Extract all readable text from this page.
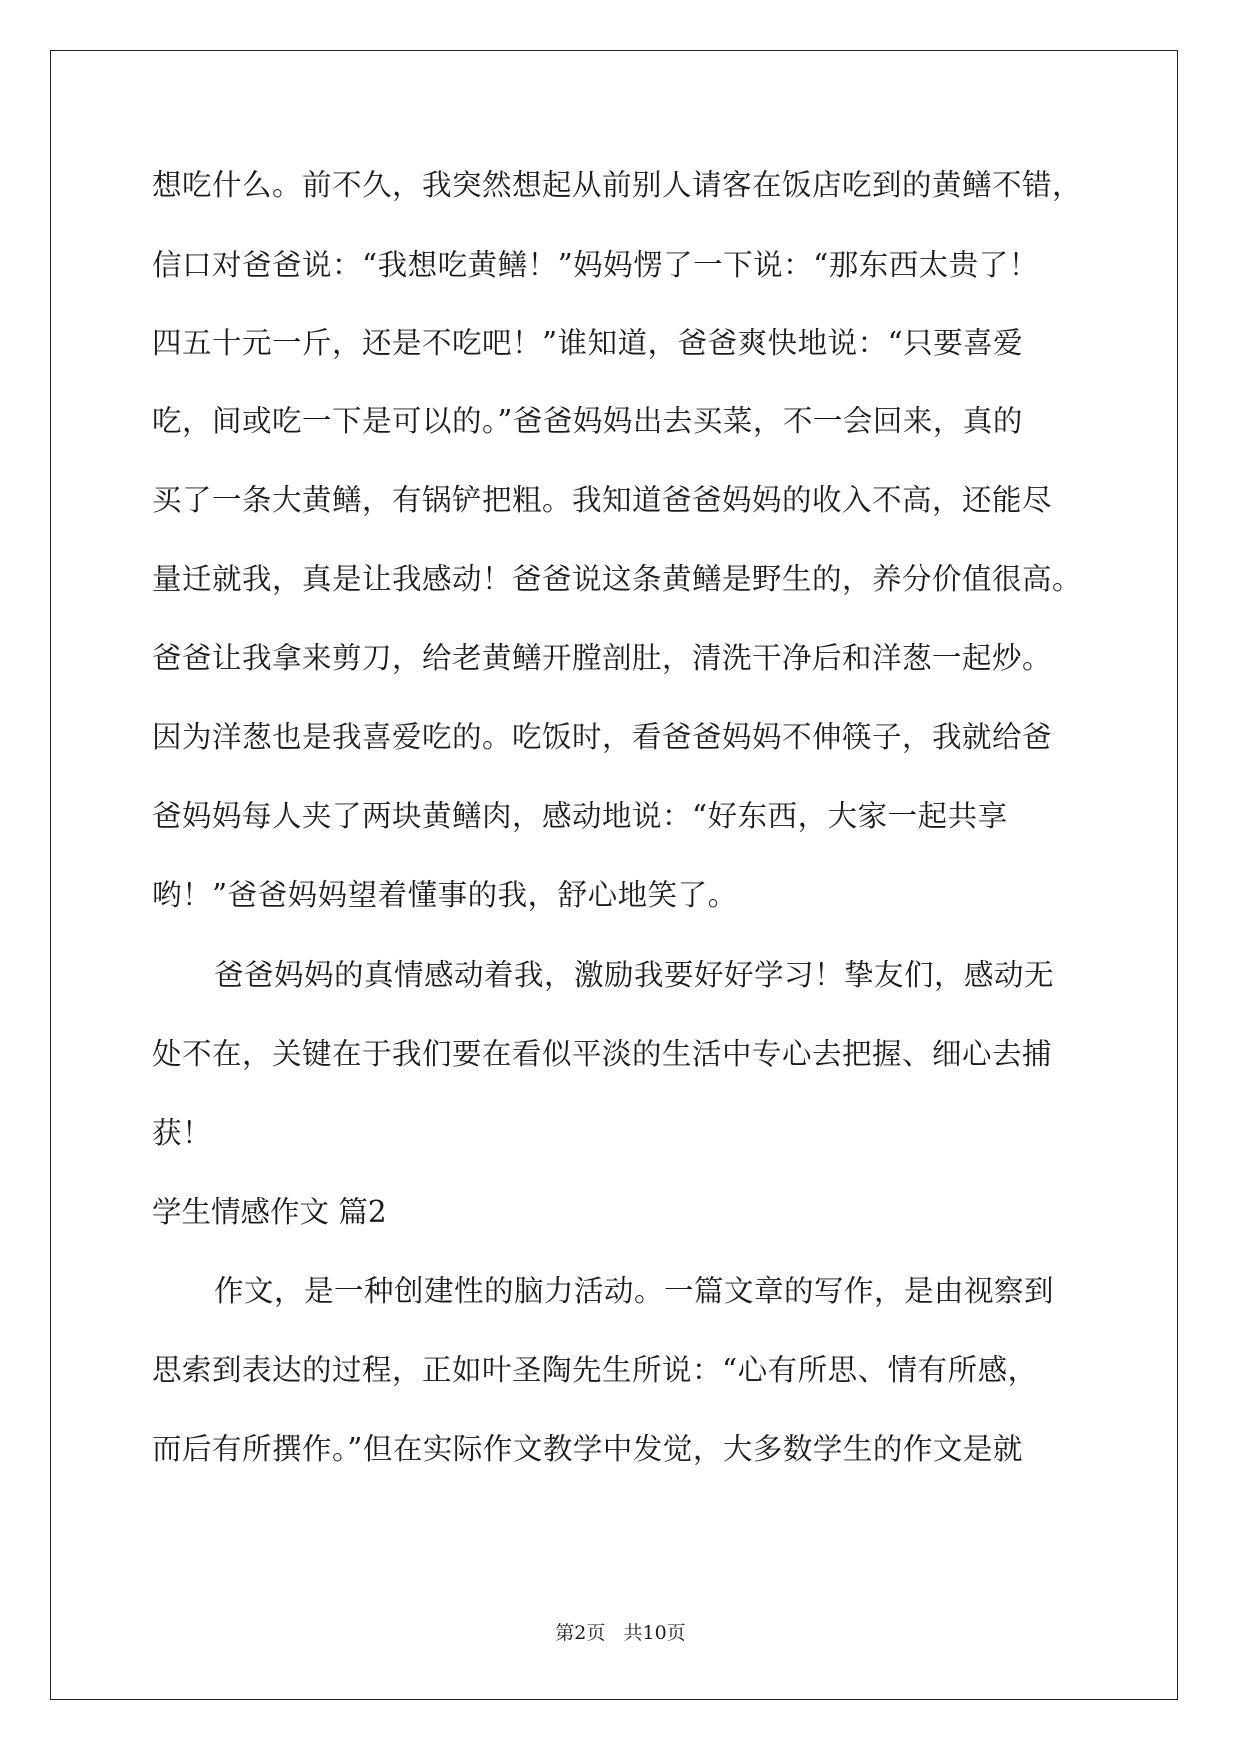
想吃什么。前不久，我突然想起从前别人请客在饭店吃到的黄鳝不错，
信口对爸爸说：“我想吃黄鳝！”妈妈愣了一下说：“那东西太贵了！
四五十元一斤，还是不吃吧！”谁知道，爸爸爽快地说：“只要喜爱
吃，间或吃一下是可以的。”爸爸妈妈出去买菜，不一会回来，真的
买了一条大黄鳝，有锅铲把粗。我知道爸爸妈妈的收入不高，还能尽
量迁就我，真是让我感动！爸爸说这条黄鳝是野生的，养分价值很高。
爸爸让我拿来剪刀，给老黄鳝开膛剖肚，清洗干净后和洋葱一起炒。
因为洋葱也是我喜爱吃的。吃饭时，看爸爸妈妈不伸筷子，我就给爸
爸妈妈每人夹了两块黄鳝肉，感动地说：“好东西，大家一起共享
哟！”爸爸妈妈望着懂事的我，舒心地笑了。
爸爸妈妈的真情感动着我，激励我要好好学习！挚友们，感动无
处不在，关键在于我们要在看似平淡的生活中专心去把握、细心去捕
获！
学生情感作文 篇2
作文，是一种创建性的脑力活动。一篇文章的写作，是由视察到
思索到表达的过程，正如叶圣陶先生所说：“心有所思、情有所感，
而后有所撰作。”但在实际作文教学中发觉，大多数学生的作文是就
第2页   共10页
